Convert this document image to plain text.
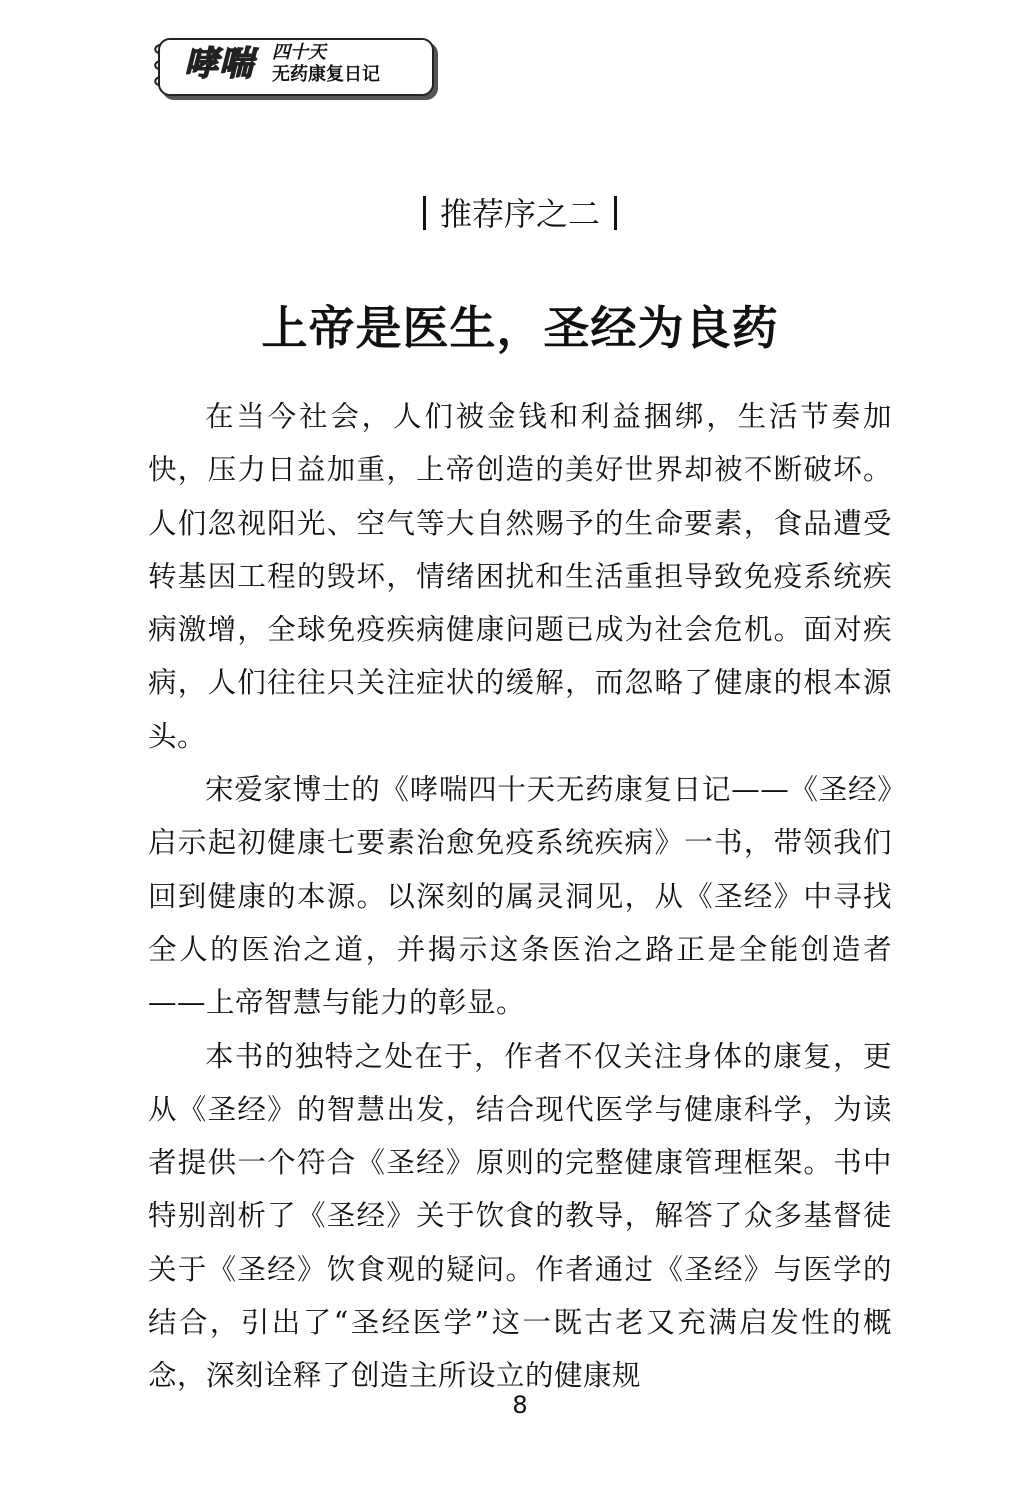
哮喘 四十天
无药康复日记
推荐序之二
上帝是医生，圣经为良药

在当今社会，人们被金钱和利益捆绑，生活节奏加快，压力日益加重，上帝创造的美好世界却被不断破坏。人们忽视阳光、空气等大自然赐予的生命要素，食品遭受转基因工程的毁坏，情绪困扰和生活重担导致免疫系统疾病激增，全球免疫疾病健康问题已成为社会危机。面对疾病，人们往往只关注症状的缓解，而忽略了健康的根本源头。

宋爱家博士的《哮喘四十天无药康复日记——《圣经》启示起初健康七要素治愈免疫系统疾病》一书，带领我们回到健康的本源。以深刻的属灵洞见，从《圣经》中寻找全人的医治之道，并揭示这条医治之路正是全能创造者——上帝智慧与能力的彰显。

本书的独特之处在于，作者不仅关注身体的康复，更从《圣经》的智慧出发，结合现代医学与健康科学，为读者提供一个符合《圣经》原则的完整健康管理框架。书中特别剖析了《圣经》关于饮食的教导，解答了众多基督徒关于《圣经》饮食观的疑问。作者通过《圣经》与医学的结合，引出了“圣经医学”这一既古老又充满启发性的概念，深刻诠释了创造主所设立的健康规

8
